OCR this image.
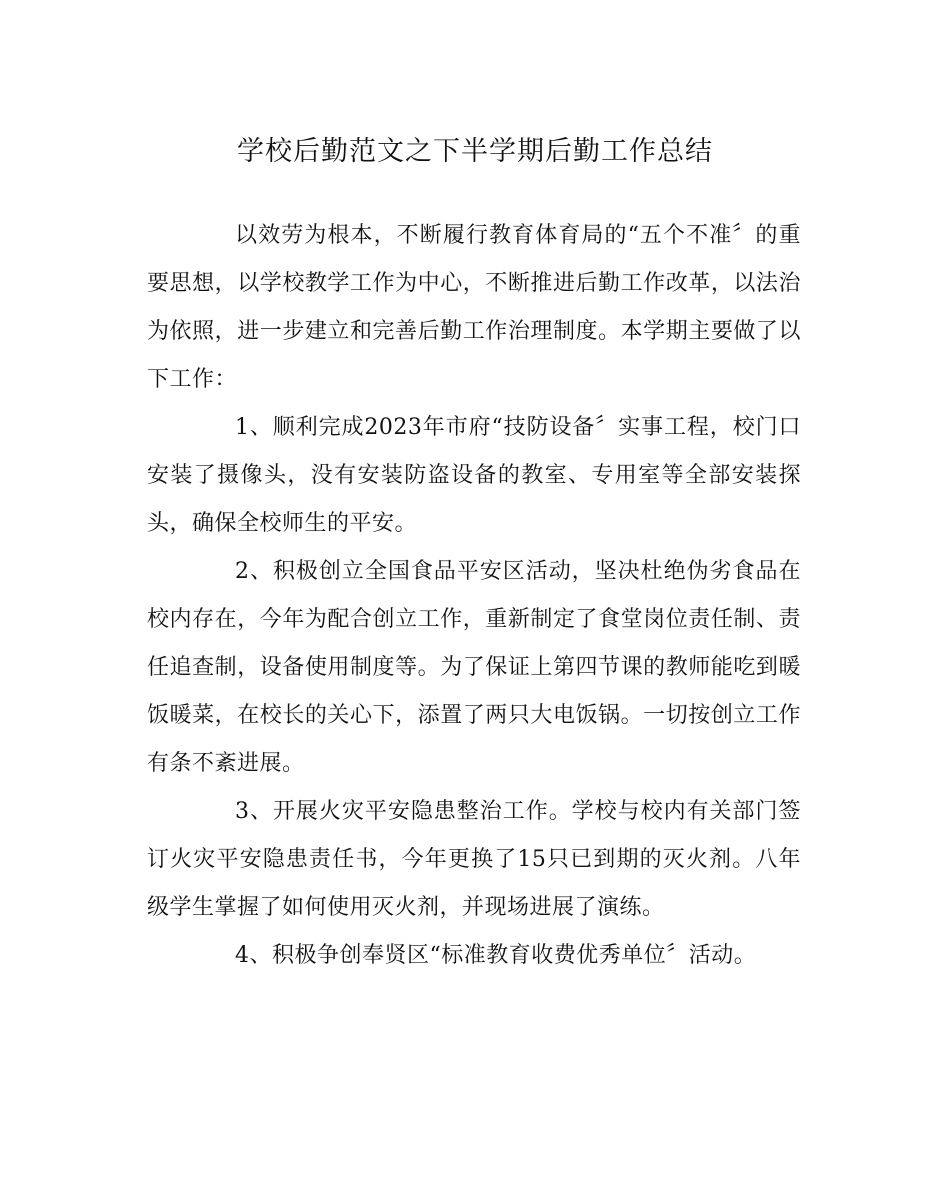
学校后勤范文之下半学期后勤工作总结

以效劳为根本，不断履行教育体育局的“五个不准〞的重要思想，以学校教学工作为中心，不断推进后勤工作改革，以法治为依照，进一步建立和完善后勤工作治理制度。本学期主要做了以下工作：

1、顺利完成2023年市府“技防设备〞实事工程，校门口安装了摄像头，没有安装防盗设备的教室、专用室等全部安装探头，确保全校师生的平安。

2、积极创立全国食品平安区活动，坚决杜绝伪劣食品在校内存在，今年为配合创立工作，重新制定了食堂岗位责任制、责任追查制，设备使用制度等。为了保证上第四节课的教师能吃到暖饭暖菜，在校长的关心下，添置了两只大电饭锅。一切按创立工作有条不紊进展。

3、开展火灾平安隐患整治工作。学校与校内有关部门签订火灾平安隐患责任书，今年更换了15只已到期的灭火剂。八年级学生掌握了如何使用灭火剂，并现场进展了演练。

4、积极争创奉贤区“标准教育收费优秀单位〞活动。
